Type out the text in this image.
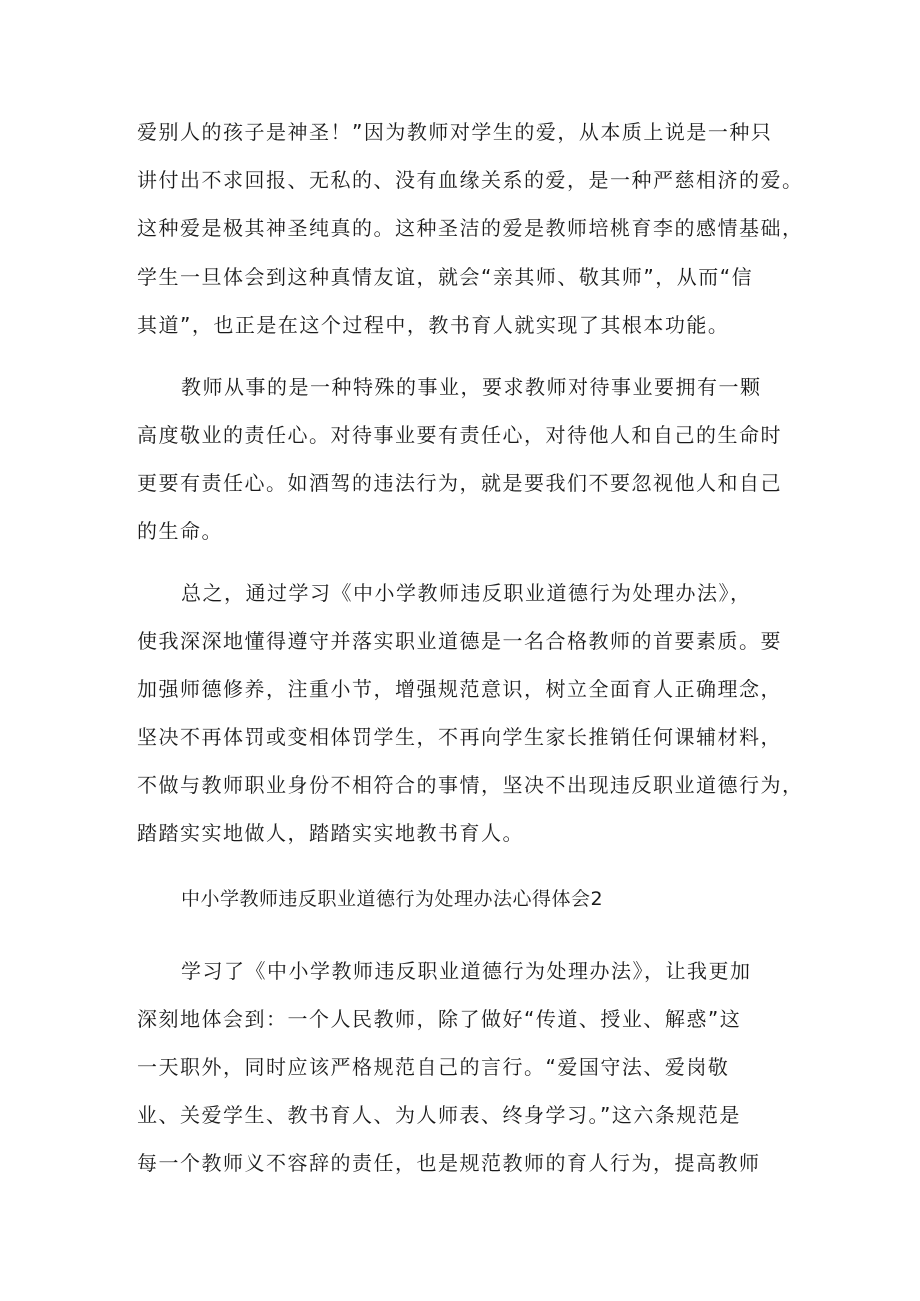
爱别人的孩子是神圣！”因为教师对学生的爱，从本质上说是一种只
讲付出不求回报、无私的、没有血缘关系的爱，是一种严慈相济的爱。
这种爱是极其神圣纯真的。这种圣洁的爱是教师培桃育李的感情基础，
学生一旦体会到这种真情友谊，就会“亲其师、敬其师”，从而“信
其道”，也正是在这个过程中，教书育人就实现了其根本功能。
教师从事的是一种特殊的事业，要求教师对待事业要拥有一颗
高度敬业的责任心。对待事业要有责任心，对待他人和自己的生命时
更要有责任心。如酒驾的违法行为，就是要我们不要忽视他人和自己
的生命。
总之，通过学习《中小学教师违反职业道德行为处理办法》，
使我深深地懂得遵守并落实职业道德是一名合格教师的首要素质。要
加强师德修养，注重小节，增强规范意识，树立全面育人正确理念，
坚决不再体罚或变相体罚学生，不再向学生家长推销任何课辅材料，
不做与教师职业身份不相符合的事情，坚决不出现违反职业道德行为，
踏踏实实地做人，踏踏实实地教书育人。
中小学教师违反职业道德行为处理办法心得体会2
学习了《中小学教师违反职业道德行为处理办法》，让我更加
深刻地体会到：一个人民教师，除了做好“传道、授业、解惑”这
一天职外，同时应该严格规范自己的言行。“爱国守法、爱岗敬
业、关爱学生、教书育人、为人师表、终身学习。”这六条规范是
每一个教师义不容辞的责任，也是规范教师的育人行为，提高教师
